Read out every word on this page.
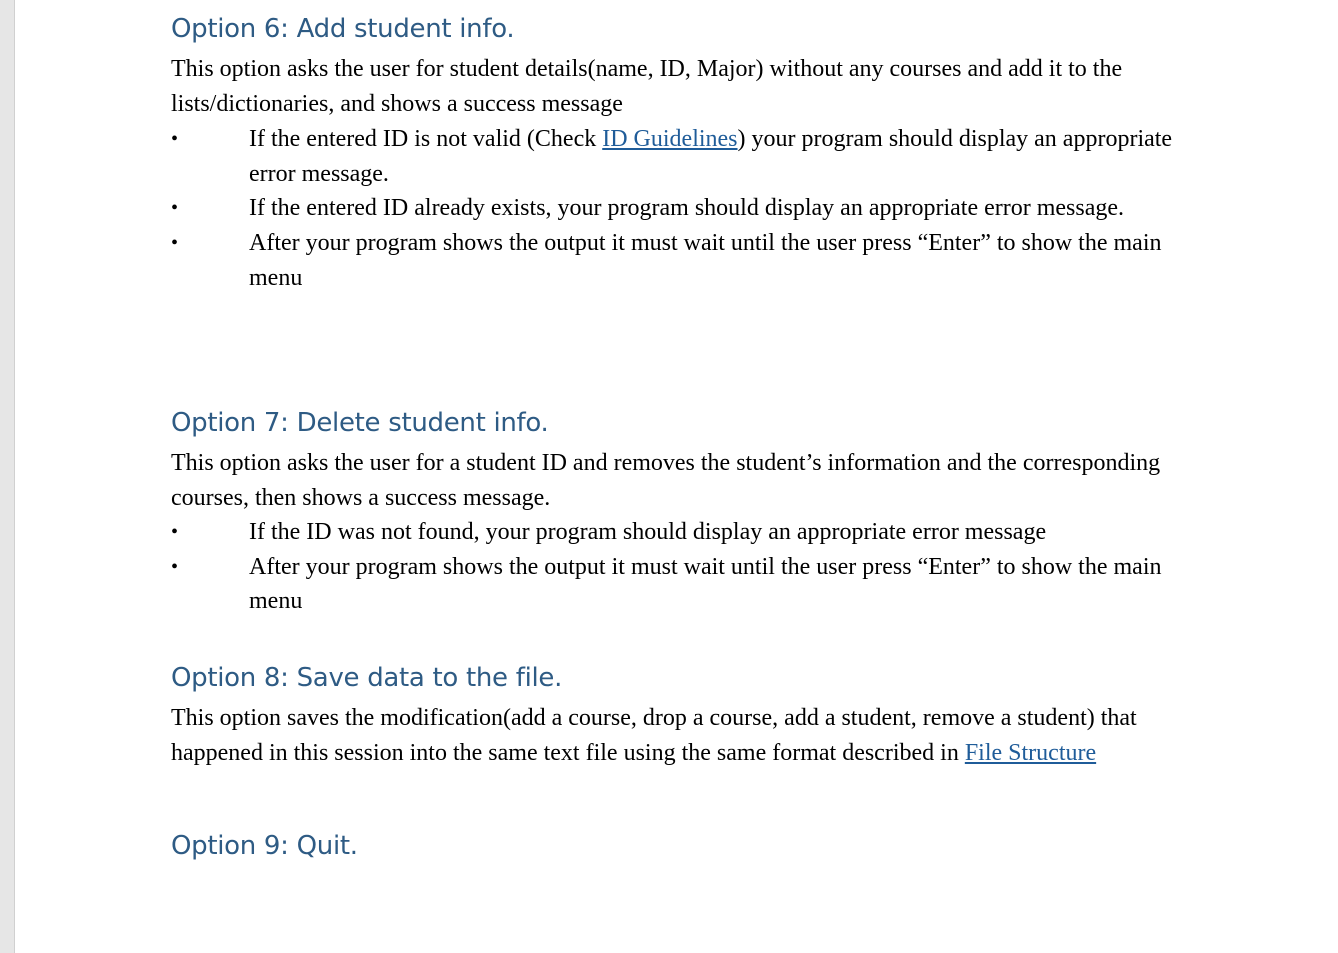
Option 6: Add student info.

This option asks the user for student details(name, ID, Major) without any courses and add it to the lists/dictionaries, and shows a success message

•	If the entered ID is not valid (Check ID Guidelines) your program should display an appropriate error message.
•	If the entered ID already exists, your program should display an appropriate error message.
•	After your program shows the output it must wait until the user press “Enter” to show the main menu
Option 7: Delete student info.

This option asks the user for a student ID and removes the student’s information and the corresponding courses, then shows a success message.

•	If the ID was not found, your program should display an appropriate error message
•	After your program shows the output it must wait until the user press “Enter” to show the main menu
Option 8: Save data to the file.

This option saves the modification(add a course, drop a course, add a student, remove a student) that happened in this session into the same text file using the same format described in File Structure

Option 9: Quit.
